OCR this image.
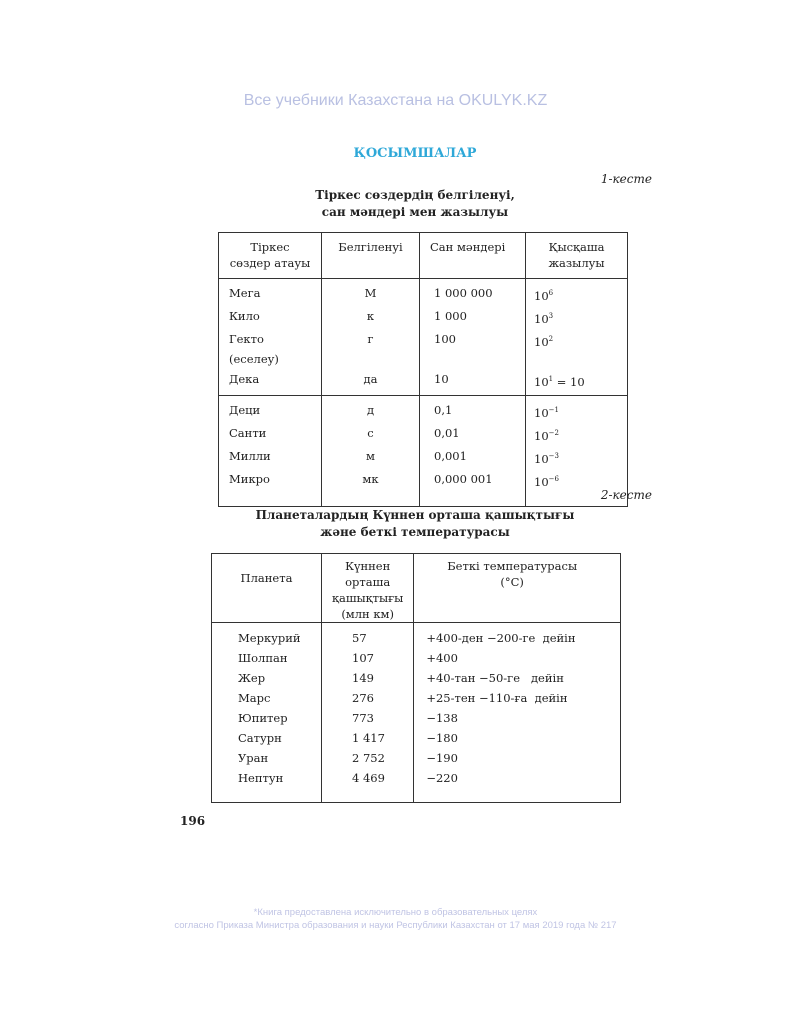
Все учебники Казахстана на OKULYK.KZ
ҚОСЫМШАЛАР
1-кесте
Тіркес сөздердің белгіленуі,
сан мәндері мен жазылуы
Тіркес сөздер атауы	Белгіленуі	Сан мәндері	Қысқаша жазылуы
Мега	М	1 000 000	$10^6$
Кило	к	1 000	$10^3$
Гекто (еселеу)	г	100	$10^2$
Дека	да	10	$10^1 = 10$
Деци	д	0,1	$10^{-1}$
Санти	с	0,01	$10^{-2}$
Милли	м	0,001	$10^{-3}$
Микро	мк	0,000 001	$10^{-6}$
2-кесте
Планеталардың Күннен орташа қашықтығы
және беткі температурасы
Планета	Күннен орташа қашықтығы (млн км)	Беткі температурасы (°С)
Меркурий	57	+400-ден −200-ге  дейін
Шолпан	107	+400
Жер	149	+40-тан −50-ге   дейін
Марс	276	+25-тен −110-ға  дейін
Юпитер	773	−138
Сатурн	1 417	−180
Уран	2 752	−190
Нептун	4 469	−220
196
*Книга предоставлена исключительно в образовательных целях
согласно Приказа Министра образования и науки Республики Казахстан от 17 мая 2019 года № 217
